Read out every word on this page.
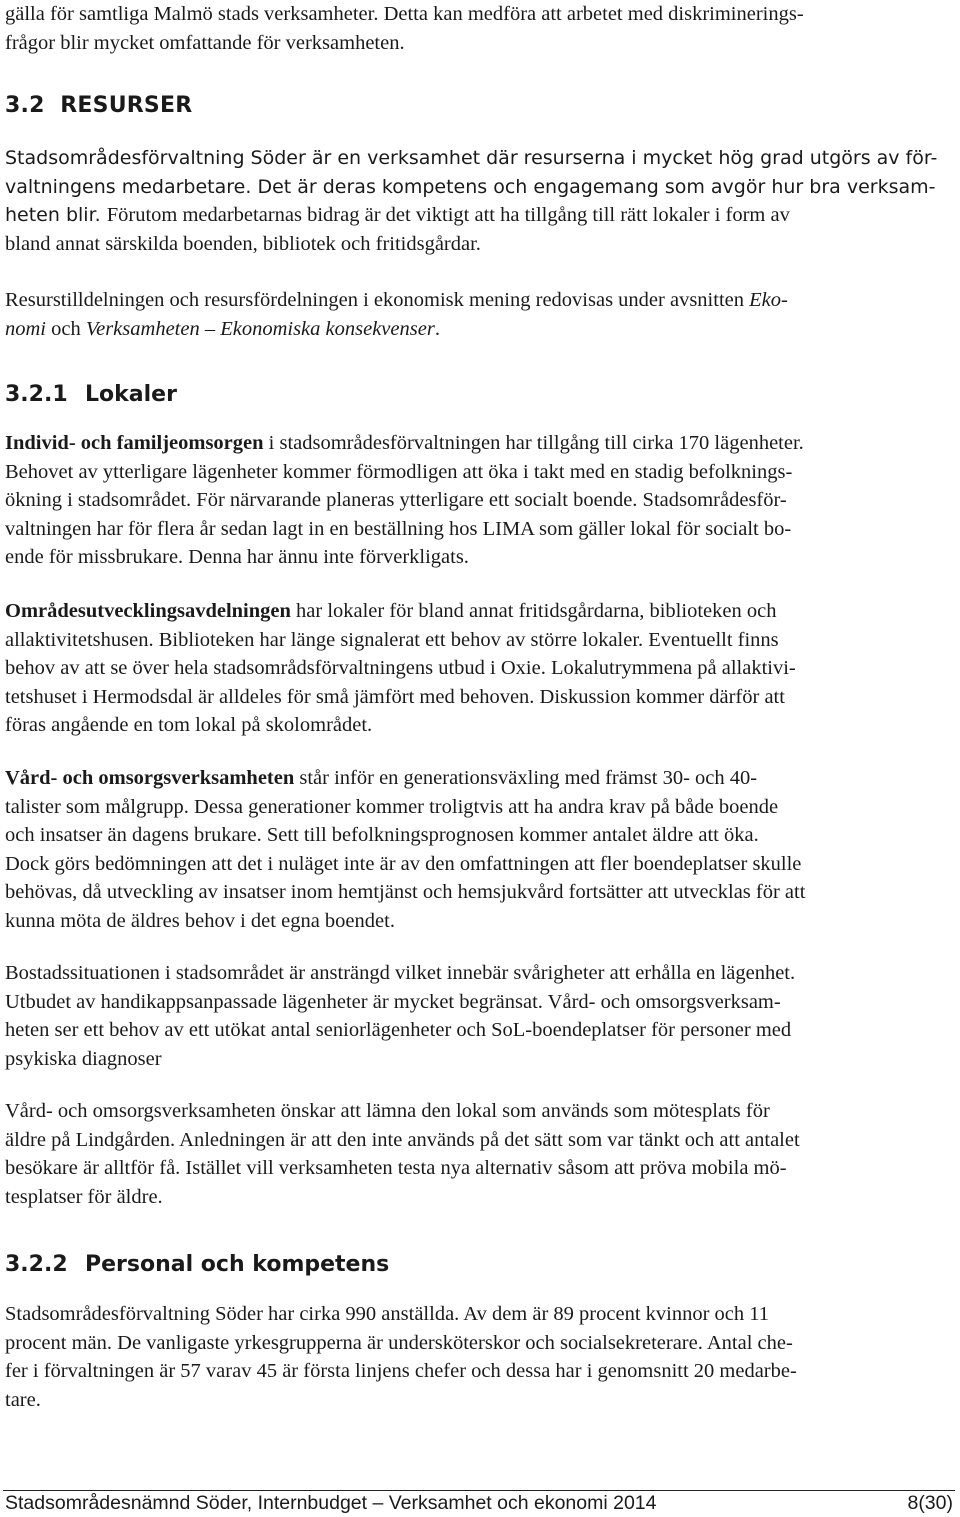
gälla för samtliga Malmö stads verksamheter. Detta kan medföra att arbetet med diskriminerings-

frågor blir mycket omfattande för verksamheten.

3.2 RESURSER

Stadsområdesförvaltning Söder är en verksamhet där resurserna i mycket hög grad utgörs av för-

valtningens medarbetare. Det är deras kompetens och engagemang som avgör hur bra verksam-

heten blir. Förutom medarbetarnas bidrag är det viktigt att ha tillgång till rätt lokaler i form av

bland annat särskilda boenden, bibliotek och fritidsgårdar.

Resurstilldelningen och resursfördelningen i ekonomisk mening redovisas under avsnitten Eko-

nomi och Verksamheten – Ekonomiska konsekvenser.

3.2.1 Lokaler

Individ- och familjeomsorgen i stadsområdesförvaltningen har tillgång till cirka 170 lägenheter.

Behovet av ytterligare lägenheter kommer förmodligen att öka i takt med en stadig befolknings-

ökning i stadsområdet. För närvarande planeras ytterligare ett socialt boende. Stadsområdesför-

valtningen har för flera år sedan lagt in en beställning hos LIMA som gäller lokal för socialt bo-

ende för missbrukare. Denna har ännu inte förverkligats.

Områdesutvecklingsavdelningen har lokaler för bland annat fritidsgårdarna, biblioteken och

allaktivitetshusen. Biblioteken har länge signalerat ett behov av större lokaler. Eventuellt finns

behov av att se över hela stadsområdsförvaltningens utbud i Oxie. Lokalutrymmena på allaktivi-

tetshuset i Hermodsdal är alldeles för små jämfört med behoven. Diskussion kommer därför att

föras angående en tom lokal på skolområdet.

Vård- och omsorgsverksamheten står inför en generationsväxling med främst 30- och 40-

talister som målgrupp. Dessa generationer kommer troligtvis att ha andra krav på både boende

och insatser än dagens brukare. Sett till befolkningsprognosen kommer antalet äldre att öka.

Dock görs bedömningen att det i nuläget inte är av den omfattningen att fler boendeplatser skulle

behövas, då utveckling av insatser inom hemtjänst och hemsjukvård fortsätter att utvecklas för att

kunna möta de äldres behov i det egna boendet.

Bostadssituationen i stadsområdet är ansträngd vilket innebär svårigheter att erhålla en lägenhet.

Utbudet av handikappsanpassade lägenheter är mycket begränsat. Vård- och omsorgsverksam-

heten ser ett behov av ett utökat antal seniorlägenheter och SoL-boendeplatser för personer med

psykiska diagnoser

Vård- och omsorgsverksamheten önskar att lämna den lokal som används som mötesplats för

äldre på Lindgården. Anledningen är att den inte används på det sätt som var tänkt och att antalet

besökare är alltför få. Istället vill verksamheten testa nya alternativ såsom att pröva mobila mö-

tesplatser för äldre.

3.2.2 Personal och kompetens

Stadsområdesförvaltning Söder har cirka 990 anställda. Av dem är 89 procent kvinnor och 11

procent män. De vanligaste yrkesgrupperna är undersköterskor och socialsekreterare. Antal che-

fer i förvaltningen är 57 varav 45 är första linjens chefer och dessa har i genomsnitt 20 medarbe-

tare.

Stadsområdesnämnd Söder, Internbudget – Verksamhet och ekonomi 2014	8(30)
